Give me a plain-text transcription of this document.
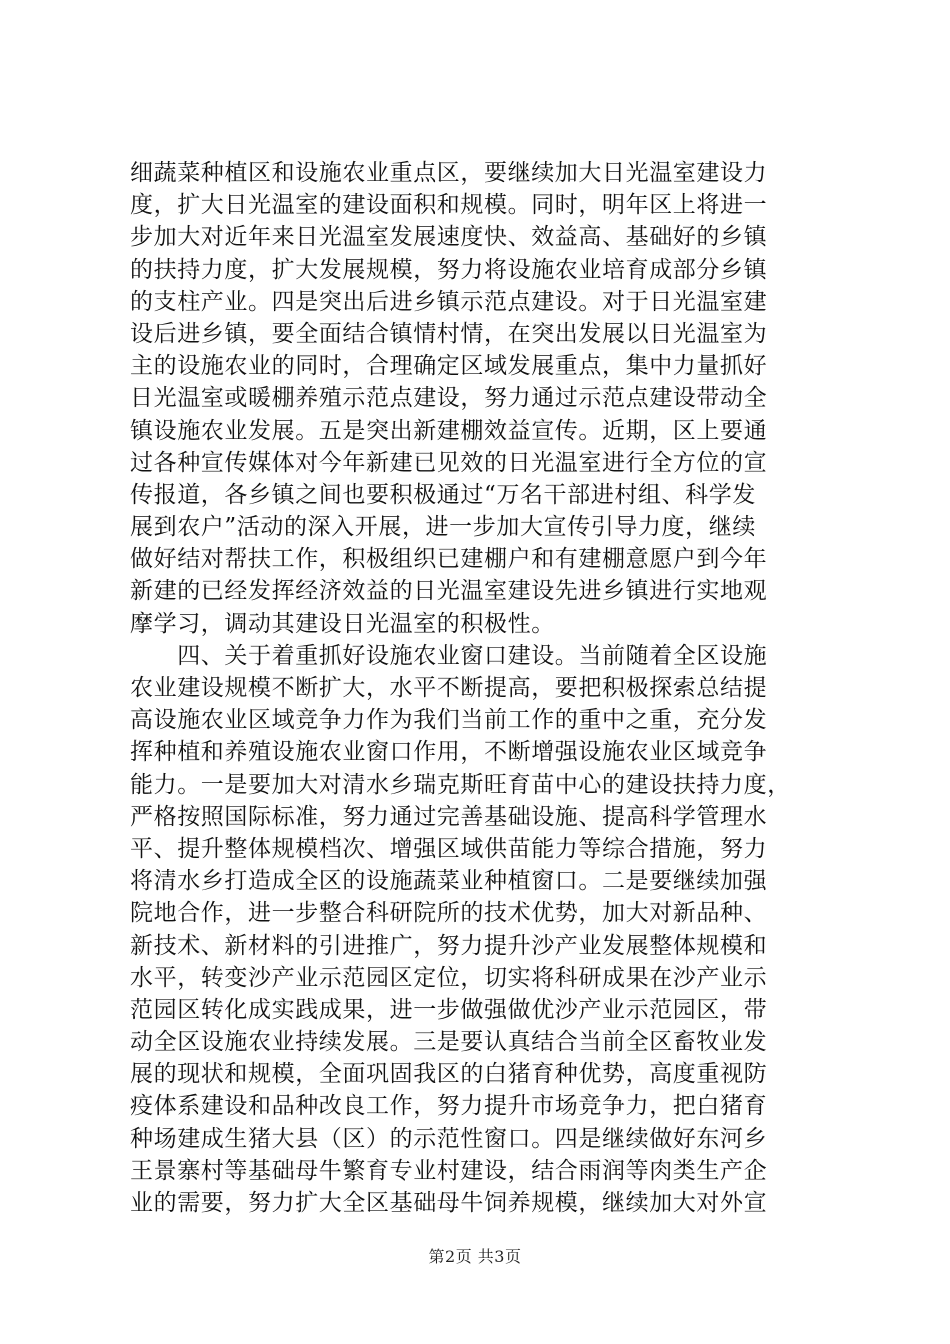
细蔬菜种植区和设施农业重点区，要继续加大日光温室建设力
度，扩大日光温室的建设面积和规模。同时，明年区上将进一
步加大对近年来日光温室发展速度快、效益高、基础好的乡镇
的扶持力度，扩大发展规模，努力将设施农业培育成部分乡镇
的支柱产业。四是突出后进乡镇示范点建设。对于日光温室建
设后进乡镇，要全面结合镇情村情，在突出发展以日光温室为
主的设施农业的同时，合理确定区域发展重点，集中力量抓好
日光温室或暖棚养殖示范点建设，努力通过示范点建设带动全
镇设施农业发展。五是突出新建棚效益宣传。近期，区上要通
过各种宣传媒体对今年新建已见效的日光温室进行全方位的宣
传报道，各乡镇之间也要积极通过“万名干部进村组、科学发
展到农户”活动的深入开展，进一步加大宣传引导力度，继续
做好结对帮扶工作，积极组织已建棚户和有建棚意愿户到今年
新建的已经发挥经济效益的日光温室建设先进乡镇进行实地观
摩学习，调动其建设日光温室的积极性。
　　四、关于着重抓好设施农业窗口建设。当前随着全区设施
农业建设规模不断扩大，水平不断提高，要把积极探索总结提
高设施农业区域竞争力作为我们当前工作的重中之重，充分发
挥种植和养殖设施农业窗口作用，不断增强设施农业区域竞争
能力。一是要加大对清水乡瑞克斯旺育苗中心的建设扶持力度，
严格按照国际标准，努力通过完善基础设施、提高科学管理水
平、提升整体规模档次、增强区域供苗能力等综合措施，努力
将清水乡打造成全区的设施蔬菜业种植窗口。二是要继续加强
院地合作，进一步整合科研院所的技术优势，加大对新品种、
新技术、新材料的引进推广，努力提升沙产业发展整体规模和
水平，转变沙产业示范园区定位，切实将科研成果在沙产业示
范园区转化成实践成果，进一步做强做优沙产业示范园区，带
动全区设施农业持续发展。三是要认真结合当前全区畜牧业发
展的现状和规模，全面巩固我区的白猪育种优势，高度重视防
疫体系建设和品种改良工作，努力提升市场竞争力，把白猪育
种场建成生猪大县（区）的示范性窗口。四是继续做好东河乡
王景寨村等基础母牛繁育专业村建设，结合雨润等肉类生产企
业的需要，努力扩大全区基础母牛饲养规模，继续加大对外宣
第2页 共3页
